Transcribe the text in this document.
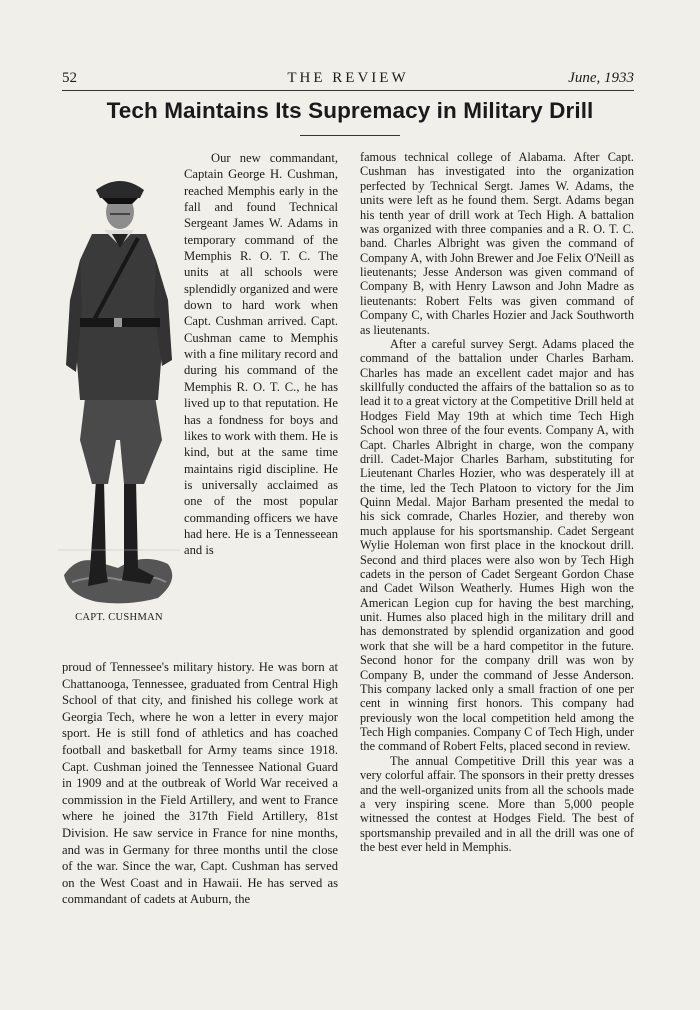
52	THE REVIEW	June, 1933
Tech Maintains Its Supremacy in Military Drill
CAPT. CUSHMAN

Our new commandant, Captain George H. Cushman, reached Memphis early in the fall and found Technical Sergeant James W. Adams in temporary command of the Memphis R. O. T. C. The units at all schools were splendidly organized and were down to hard work when Capt. Cushman arrived. Capt. Cushman came to Memphis with a fine military record and during his command of the Memphis R. O. T. C., he has lived up to that reputation. He has a fondness for boys and likes to work with them. He is kind, but at the same time maintains rigid discipline. He is universally acclaimed as one of the most popular commanding officers we have had here. He is a Tennesseean and is

proud of Tennessee's military history. He was born at Chattanooga, Tennessee, graduated from Central High School of that city, and finished his college work at Georgia Tech, where he won a letter in every major sport. He is still fond of athletics and has coached football and basketball for Army teams since 1918. Capt. Cushman joined the Tennessee National Guard in 1909 and at the outbreak of World War received a commission in the Field Artillery, and went to France where he joined the 317th Field Artillery, 81st Division. He saw service in France for nine months, and was in Germany for three months until the close of the war. Since the war, Capt. Cushman has served on the West Coast and in Hawaii. He has served as commandant of cadets at Auburn, the

famous technical college of Alabama. After Capt. Cushman has investigated into the organization perfected by Technical Sergt. James W. Adams, the units were left as he found them. Sergt. Adams began his tenth year of drill work at Tech High. A battalion was organized with three companies and a R. O. T. C. band. Charles Albright was given the command of Company A, with John Brewer and Joe Felix O'Neill as lieutenants; Jesse Anderson was given command of Company B, with Henry Lawson and John Madre as lieutenants: Robert Felts was given command of Company C, with Charles Hozier and Jack Southworth as lieutenants.

After a careful survey Sergt. Adams placed the command of the battalion under Charles Barham. Charles has made an excellent cadet major and has skillfully conducted the affairs of the battalion so as to lead it to a great victory at the Competitive Drill held at Hodges Field May 19th at which time Tech High School won three of the four events. Company A, with Capt. Charles Albright in charge, won the company drill. Cadet-Major Charles Barham, substituting for Lieutenant Charles Hozier, who was desperately ill at the time, led the Tech Platoon to victory for the Jim Quinn Medal. Major Barham presented the medal to his sick comrade, Charles Hozier, and thereby won much applause for his sportsmanship. Cadet Sergeant Wylie Holeman won first place in the knockout drill. Second and third places were also won by Tech High cadets in the person of Cadet Sergeant Gordon Chase and Cadet Wilson Weatherly. Humes High won the American Legion cup for having the best marching, unit. Humes also placed high in the military drill and has demonstrated by splendid organization and good work that she will be a hard competitor in the future. Second honor for the company drill was won by Company B, under the command of Jesse Anderson. This company lacked only a small fraction of one per cent in winning first honors. This company had previously won the local competition held among the Tech High companies. Company C of Tech High, under the command of Robert Felts, placed second in review.

The annual Competitive Drill this year was a very colorful affair. The sponsors in their pretty dresses and the well-organized units from all the schools made a very inspiring scene. More than 5,000 people witnessed the contest at Hodges Field. The best of sportsmanship prevailed and in all the drill was one of the best ever held in Memphis.
